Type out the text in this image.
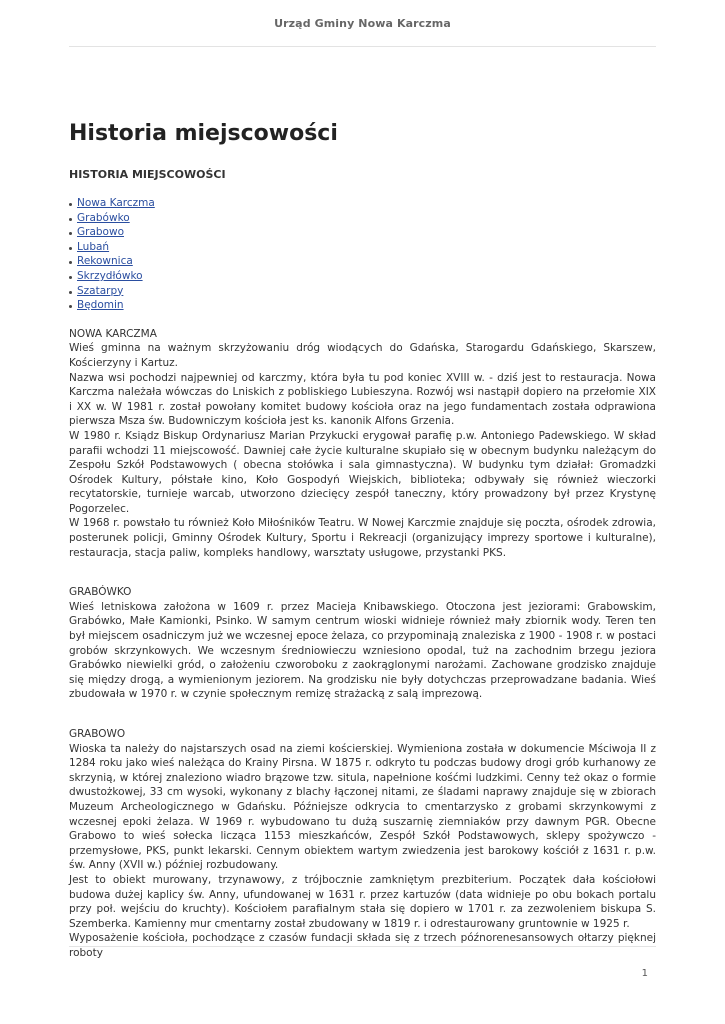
Urząd Gminy Nowa Karczma
Historia miejscowości
HISTORIA MIEJSCOWOŚCI
Nowa Karczma
Grabówko
Grabowo
Lubań
Rekownica
Skrzydłówko
Szatarpy
Będomin
NOWA KARCZMA

Wieś gminna na ważnym skrzyżowaniu dróg wiodących do Gdańska, Starogardu Gdańskiego, Skarszew, Kościerzyny i Kartuz.

Nazwa wsi pochodzi najpewniej od karczmy, która była tu pod koniec XVIII w. - dziś jest to restauracja. Nowa Karczma należała wówczas do Lniskich z pobliskiego Lubieszyna. Rozwój wsi nastąpił dopiero na przełomie XIX i XX w. W 1981 r. został powołany komitet budowy kościoła oraz na jego fundamentach została odprawiona pierwsza Msza św. Budowniczym kościoła jest ks. kanonik Alfons Grzenia.

W 1980 r. Ksiądz Biskup Ordynariusz Marian Przykucki erygował parafię p.w. Antoniego Padewskiego. W skład parafii wchodzi 11 miejscowość. Dawniej całe życie kulturalne skupiało się w obecnym budynku należącym do Zespołu Szkół Podstawowych ( obecna stołówka i sala gimnastyczna). W budynku tym działał: Gromadzki Ośrodek Kultury, półstałe kino, Koło Gospodyń Wiejskich, biblioteka; odbywały się również wieczorki recytatorskie, turnieje warcab, utworzono dziecięcy zespół taneczny, który prowadzony był przez Krystynę Pogorzelec.

W 1968 r. powstało tu również Koło Miłośników Teatru. W Nowej Karczmie znajduje się poczta, ośrodek zdrowia, posterunek policji, Gminny Ośrodek Kultury, Sportu i Rekreacji (organizujący imprezy sportowe i kulturalne), restauracja, stacja paliw, kompleks handlowy, warsztaty usługowe, przystanki PKS.

GRABÓWKO

Wieś letniskowa założona w 1609 r. przez Macieja Knibawskiego. Otoczona jest jeziorami: Grabowskim, Grabówko, Małe Kamionki, Psinko. W samym centrum wioski widnieje również mały zbiornik wody. Teren ten był miejscem osadniczym już we wczesnej epoce żelaza, co przypominają znaleziska z 1900 - 1908 r. w postaci grobów skrzynkowych. We wczesnym średniowieczu wzniesiono opodal, tuż na zachodnim brzegu jeziora Grabówko niewielki gród, o założeniu czworoboku z zaokrąglonymi narożami. Zachowane grodzisko znajduje się między drogą, a wymienionym jeziorem. Na grodzisku nie były dotychczas przeprowadzane badania. Wieś zbudowała w 1970 r. w czynie społecznym remizę strażacką z salą imprezową.

GRABOWO

Wioska ta należy do najstarszych osad na ziemi kościerskiej. Wymieniona została w dokumencie Mściwoja II z 1284 roku jako wieś należąca do Krainy Pirsna. W 1875 r. odkryto tu podczas budowy drogi grób kurhanowy ze skrzynią, w której znaleziono wiadro brązowe tzw. situla, napełnione kośćmi ludzkimi. Cenny też okaz o formie dwustożkowej, 33 cm wysoki, wykonany z blachy łączonej nitami, ze śladami naprawy znajduje się w zbiorach Muzeum Archeologicznego w Gdańsku. Późniejsze odkrycia to cmentarzysko z grobami skrzynkowymi z wczesnej epoki żelaza. W 1969 r. wybudowano tu dużą suszarnię ziemniaków przy dawnym PGR. Obecne Grabowo to wieś sołecka licząca 1153 mieszkańców, Zespół Szkół Podstawowych, sklepy spożywczo - przemysłowe, PKS, punkt lekarski. Cennym obiektem wartym zwiedzenia jest barokowy kościół z 1631 r. p.w. św. Anny (XVII w.) później rozbudowany.

Jest to obiekt murowany, trzynawowy, z trójbocznie zamkniętym prezbiterium. Początek dała kościołowi budowa dużej kaplicy św. Anny, ufundowanej w 1631 r. przez kartuzów (data widnieje po obu bokach portalu przy poł. wejściu do kruchty). Kościołem parafialnym stała się dopiero w 1701 r. za zezwoleniem biskupa S. Szemberka. Kamienny mur cmentarny został zbudowany w 1819 r. i odrestaurowany gruntownie w 1925 r.

Wyposażenie kościoła, pochodzące z czasów fundacji składa się z trzech późnorenesansowych ołtarzy pięknej roboty

1
